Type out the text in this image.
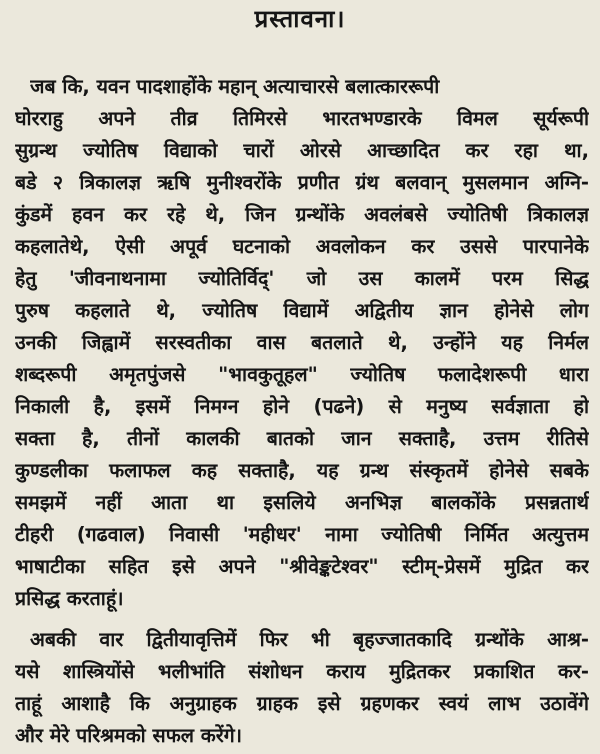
प्रस्तावना।
जब कि, यवन पादशाहोंके महान् अत्याचारसे बलात्काररूपी
घोरराहु अपने तीव्र तिमिरसे भारतभण्डारके विमल सूर्यरूपी
सुग्रन्थ ज्योतिष विद्याको चारों ओरसे आच्छादित कर रहा था,
बडे २ त्रिकालज्ञ ऋषि मुनीश्वरोंके प्रणीत ग्रंथ बलवान् मुसलमान अग्नि-
कुंडमें हवन कर रहे थे, जिन ग्रन्थोंके अवलंबसे ज्योतिषी त्रिकालज्ञ
कहलातेथे, ऐसी अपूर्व घटनाको अवलोकन कर उससे पारपानेके
हेतु 'जीवनाथनामा ज्योतिर्विद्' जो उस कालमें परम सिद्ध
पुरुष कहलाते थे, ज्योतिष विद्यामें अद्वितीय ज्ञान होनेसे लोग
उनकी जिह्वामें सरस्वतीका वास बतलाते थे, उन्होंने यह निर्मल
शब्दरूपी अमृतपुंजसे "भावकुतूहल" ज्योतिष फलादेशरूपी धारा
निकाली है, इसमें निमग्न होने (पढने) से मनुष्य सर्वज्ञाता हो
सक्ता है, तीनों कालकी बातको जान सक्ताहै, उत्तम रीतिसे
कुण्डलीका फलाफल कह सक्ताहै, यह ग्रन्थ संस्कृतमें होनेसे सबके
समझमें नहीं आता था इसलिये अनभिज्ञ बालकोंके प्रसन्नतार्थ
टीहरी (गढवाल) निवासी 'महीधर' नामा ज्योतिषी निर्मित अत्युत्तम
भाषाटीका सहित इसे अपने "श्रीवेङ्कटेश्वर" स्टीम्-प्रेसमें मुद्रित कर
प्रसिद्ध करताहूं।
अबकी वार द्वितीयावृत्तिमें फिर भी बृहज्जातकादि ग्रन्थोंके आश्र-
यसे शास्त्रियोंसे भलीभांति संशोधन कराय मुद्रितकर प्रकाशित कर-
ताहूं आशाहै कि अनुग्राहक ग्राहक इसे ग्रहणकर स्वयं लाभ उठावेंगे
और मेरे परिश्रमको सफल करेंगे।
